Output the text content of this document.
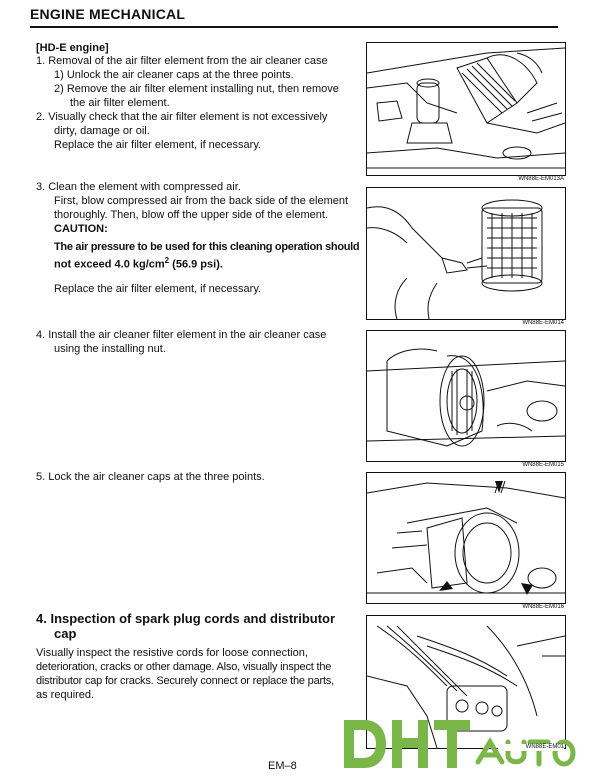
ENGINE MECHANICAL
[HD-E engine]
1. Removal of the air filter element from the air cleaner case
1) Unlock the air cleaner caps at the three points.
2) Remove the air filter element installing nut, then remove
the air filter element.
2. Visually check that the air filter element is not excessively
dirty, damage or oil.
Replace the air filter element, if necessary.
3. Clean the element with compressed air.
First, blow compressed air from the back side of the element
thoroughly. Then, blow off the upper side of the element.
CAUTION:
The air pressure to be used for this cleaning operation should
not exceed 4.0 $kg/cm^2$ (56.9 psi).
Replace the air filter element, if necessary.
4. Install the air cleaner filter element in the air cleaner case
using the installing nut.
5. Lock the air cleaner caps at the three points.
4. Inspection of spark plug cords and distributor
cap
Visually inspect the resistive cords for loose connection,
deterioration, cracks or other damage. Also, visually inspect the
distributor cap for cracks. Securely connect or replace the parts,
as required.
WN88E-EM013A
WN88E-EM014
WN88E-EM015
WN88E-EM016
WN88E-EM01
EM–8
